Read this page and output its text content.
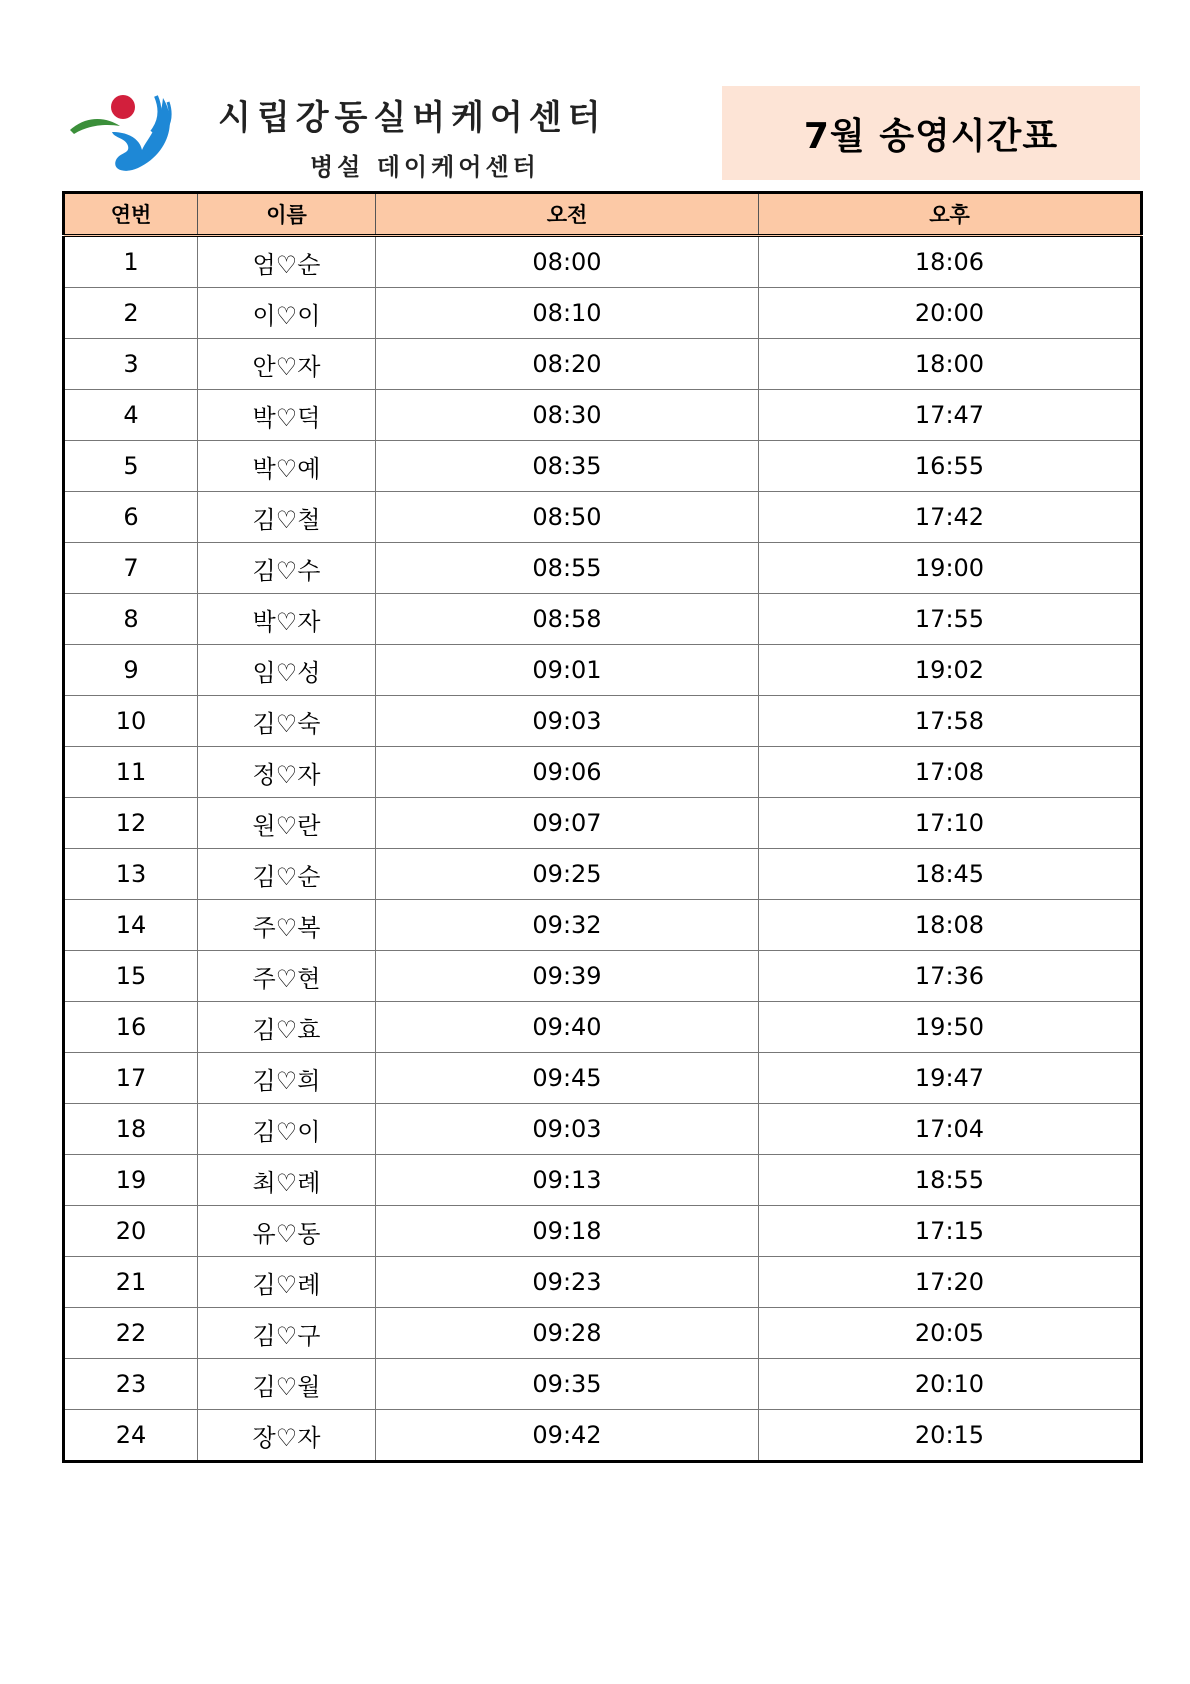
시립강동실버케어센터
병설 데이케어센터
7월 송영시간표
연번	이름	오전	오후
1	엄♡순	08:00	18:06
2	이♡이	08:10	20:00
3	안♡자	08:20	18:00
4	박♡덕	08:30	17:47
5	박♡예	08:35	16:55
6	김♡철	08:50	17:42
7	김♡수	08:55	19:00
8	박♡자	08:58	17:55
9	임♡성	09:01	19:02
10	김♡숙	09:03	17:58
11	정♡자	09:06	17:08
12	원♡란	09:07	17:10
13	김♡순	09:25	18:45
14	주♡복	09:32	18:08
15	주♡현	09:39	17:36
16	김♡효	09:40	19:50
17	김♡희	09:45	19:47
18	김♡이	09:03	17:04
19	최♡례	09:13	18:55
20	유♡동	09:18	17:15
21	김♡례	09:23	17:20
22	김♡구	09:28	20:05
23	김♡월	09:35	20:10
24	장♡자	09:42	20:15
